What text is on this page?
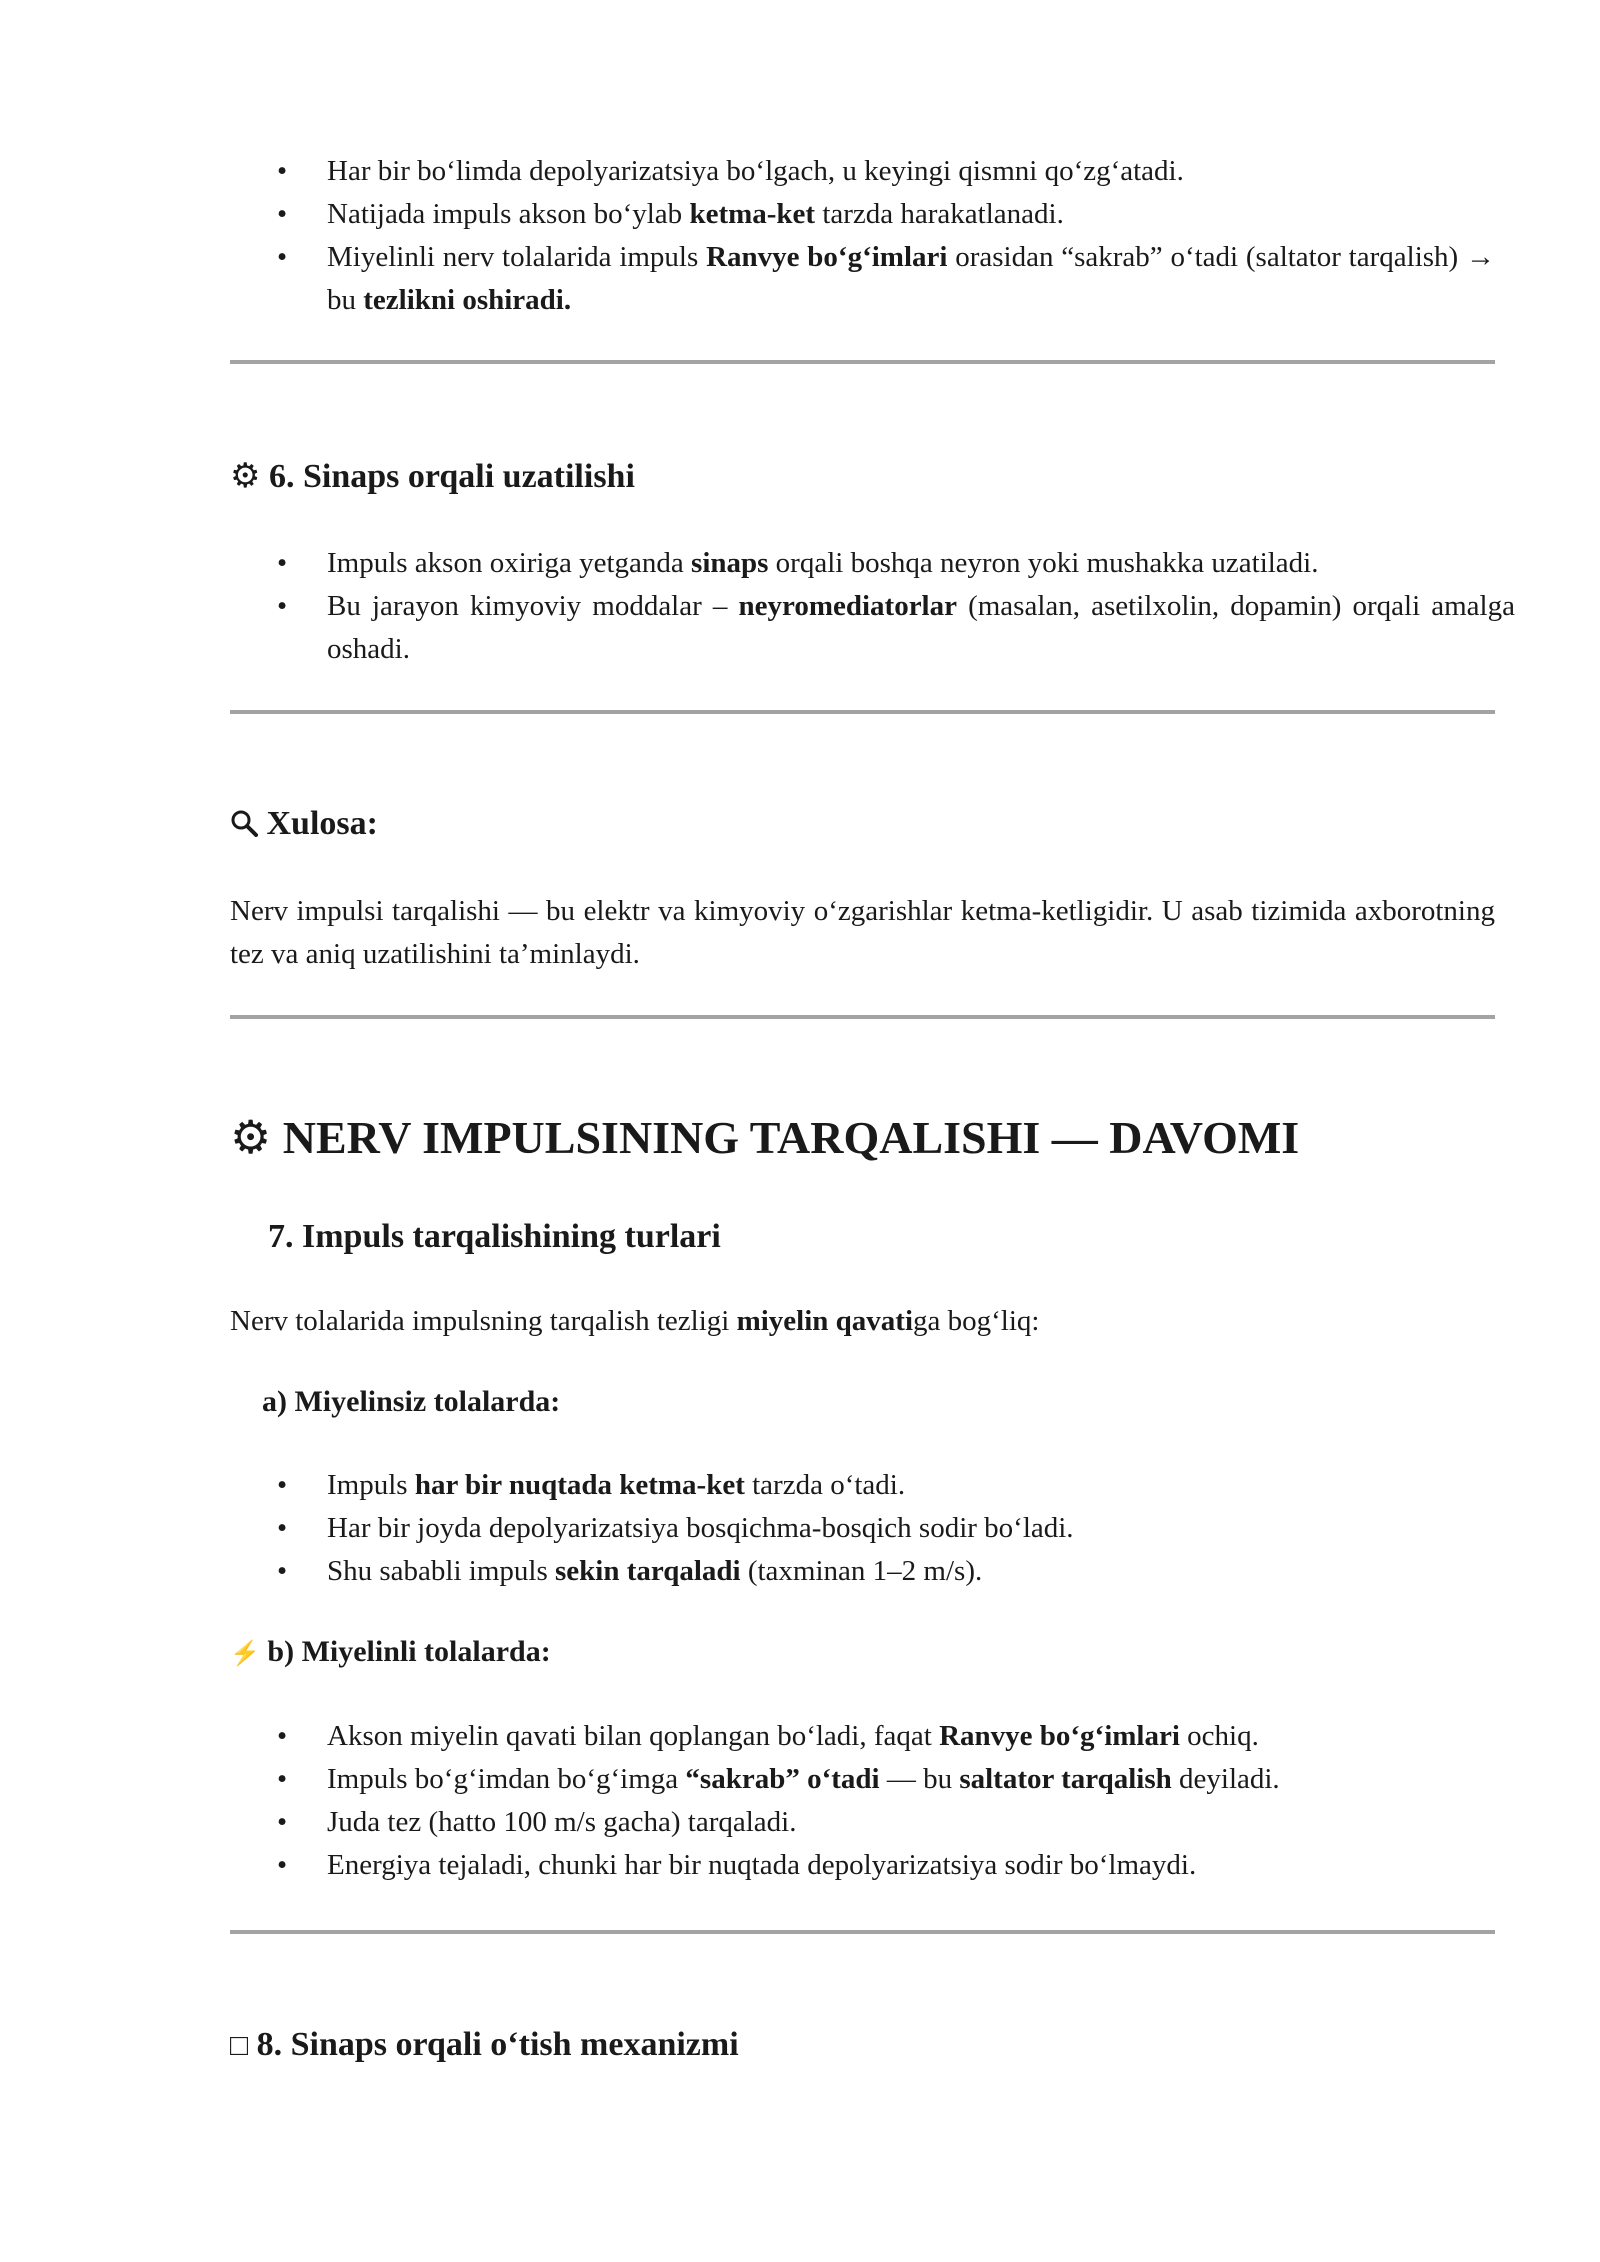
• Har bir bo‘limda depolyarizatsiya bo‘lgach, u keyingi qismni qo‘zg‘atadi.
• Natijada impuls akson bo‘ylab ketma-ket tarzda harakatlanadi.
• Miyelinli nerv tolalarida impuls Ranvye bo‘g‘imlari orasidan “sakrab” o‘tadi (saltator tarqalish) → bu tezlikni oshiradi.
⚙ 6. Sinaps orqali uzatilishi
• Impuls akson oxiriga yetganda sinaps orqali boshqa neyron yoki mushakka uzatiladi.
• Bu jarayon kimyoviy moddalar – neyromediatorlar (masalan, asetilxolin, dopamin) orqali amalga oshadi.
Xulosa:

Nerv impulsi tarqalishi — bu elektr va kimyoviy o‘zgarishlar ketma-ketligidir. U asab tizimida axborotning tez va aniq uzatilishini ta’minlaydi.

⚙ NERV IMPULSINING TARQALISHI — DAVOMI
7. Impuls tarqalishining turlari

Nerv tolalarida impulsning tarqalish tezligi miyelin qavatiga bog‘liq:

a) Miyelinsiz tolalarda:
• Impuls har bir nuqtada ketma-ket tarzda o‘tadi.
• Har bir joyda depolyarizatsiya bosqichma-bosqich sodir bo‘ladi.
• Shu sababli impuls sekin tarqaladi (taxminan 1–2 m/s).
⚡ b) Miyelinli tolalarda:
• Akson miyelin qavati bilan qoplangan bo‘ladi, faqat Ranvye bo‘g‘imlari ochiq.
• Impuls bo‘g‘imdan bo‘g‘imga “sakrab” o‘tadi — bu saltator tarqalish deyiladi.
• Juda tez (hatto 100 m/s gacha) tarqaladi.
• Energiya tejaladi, chunki har bir nuqtada depolyarizatsiya sodir bo‘lmaydi.
□ 8. Sinaps orqali o‘tish mexanizmi
